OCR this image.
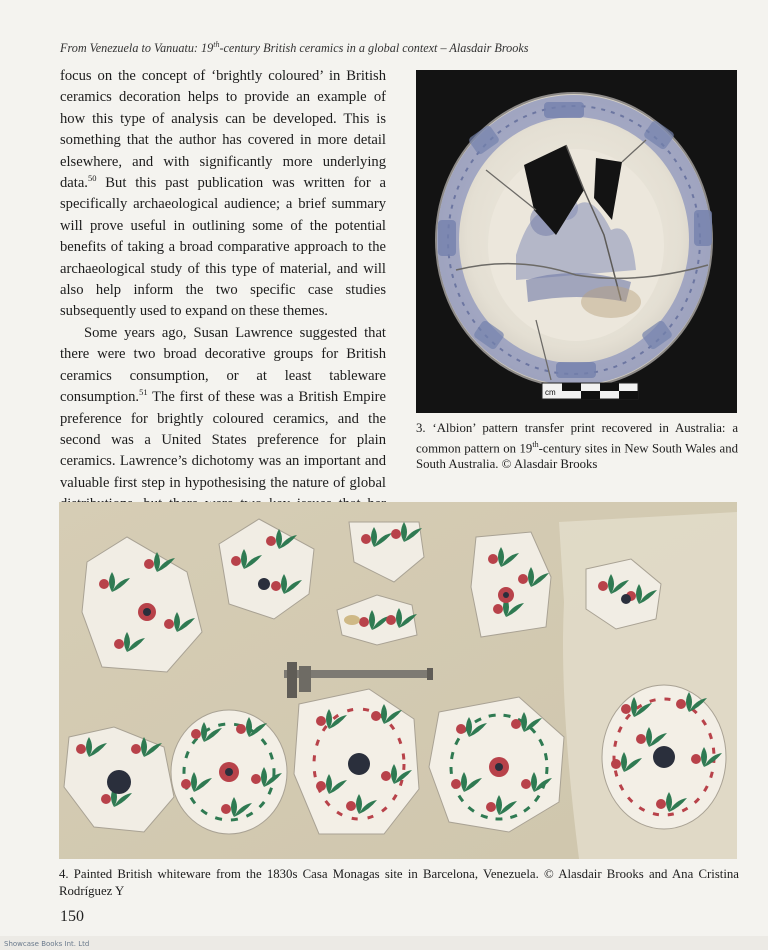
From Venezuela to Vanuatu: 19th-century British ceramics in a global context – Alasdair Brooks

focus on the concept of ‘brightly coloured’ in British ceramics decoration helps to provide an example of how this type of analysis can be developed. This is something that the author has covered in more detail elsewhere, and with significantly more underlying data.$^{50}$ But this past publication was written for a specifically archaeological audience; a brief summary will prove useful in outlining some of the potential benefits of taking a broad comparative approach to the archaeological study of this type of material, and will also help inform the two specific case studies subsequently used to expand on these themes.

Some years ago, Susan Lawrence suggested that there were two broad decorative groups for British ceramics consumption, or at least tableware consumption.$^{51}$ The first of these was a British Empire preference for brightly coloured ceramics, and the second was a United States preference for plain ceramics. Lawrence’s dichotomy was an important and valuable first step in hypothesising the nature of global

cm
3. ‘Albion’ pattern transfer print recovered in Australia: a common pattern on 19th-century sites in New South Wales and South Australia. © Alasdair Brooks
4. Painted British whiteware from the 1830s Casa Monagas site in Barcelona, Venezuela. © Alasdair Brooks and Ana Cristina Rodríguez Y
150
Showcase Books Int. Ltd
